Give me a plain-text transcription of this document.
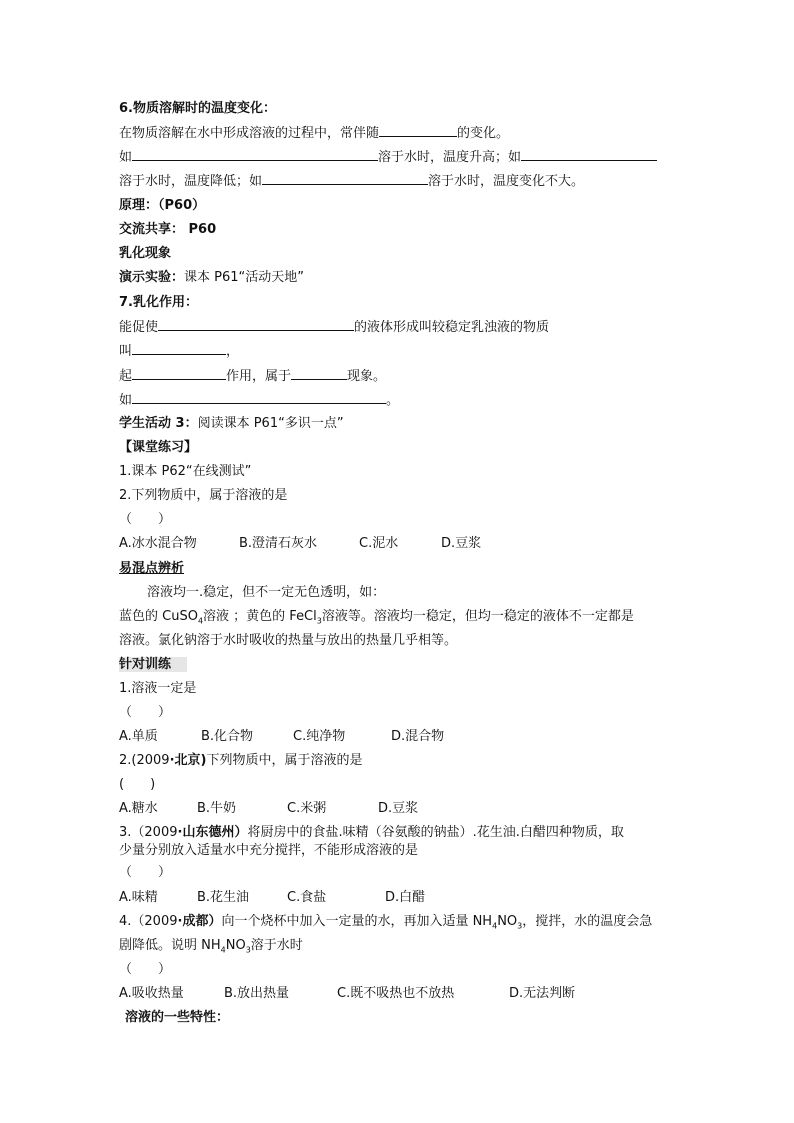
6.物质溶解时的温度变化：
在物质溶解在水中形成溶液的过程中，常伴随	的变化。
如	溶于水时，温度升高；如
溶于水时，温度降低；如	溶于水时，温度变化不大。
原理：（P60）
交流共享： P60
乳化现象
演示实验：课本 P61“活动天地”
7.乳化作用：
能促使	的液体形成叫较稳定乳浊液的物质
叫	，
起	作用，属于	现象。
如	。
学生活动 3：阅读课本 P61“多识一点”
【课堂练习】
1.课本 P62“在线测试”
2.下列物质中，属于溶液的是
（　　）
A.冰水混合物	B.澄清石灰水	C.泥水	D.豆浆
易混点辨析
溶液均一.稳定，但不一定无色透明，如：
蓝色的 CuSO$_4$溶液 ；黄色的 FeCl$_3$溶液等。溶液均一稳定，但均一稳定的液体不一定都是
溶液。氯化钠溶于水时吸收的热量与放出的热量几乎相等。
针对训练
1.溶液一定是
（　　）
A.单质	B.化合物	C.纯净物	D.混合物
2.(2009·北京)下列物质中，属于溶液的是
(　　)
A.糖水	B.牛奶	C.米粥	D.豆浆
3.（2009·山东德州）将厨房中的食盐.味精（谷氨酸的钠盐）.花生油.白醋四种物质，取
少量分别放入适量水中充分搅拌，不能形成溶液的是
（　　）
A.味精	B.花生油	C.食盐	D.白醋
4.（2009·成都）向一个烧杯中加入一定量的水，再加入适量 $NH_4NO_3$，搅拌，水的温度会急
剧降低。说明 $NH_4NO_3$溶于水时
（　　）
A.吸收热量	B.放出热量	C.既不吸热也不放热	D.无法判断
溶液的一些特性：
